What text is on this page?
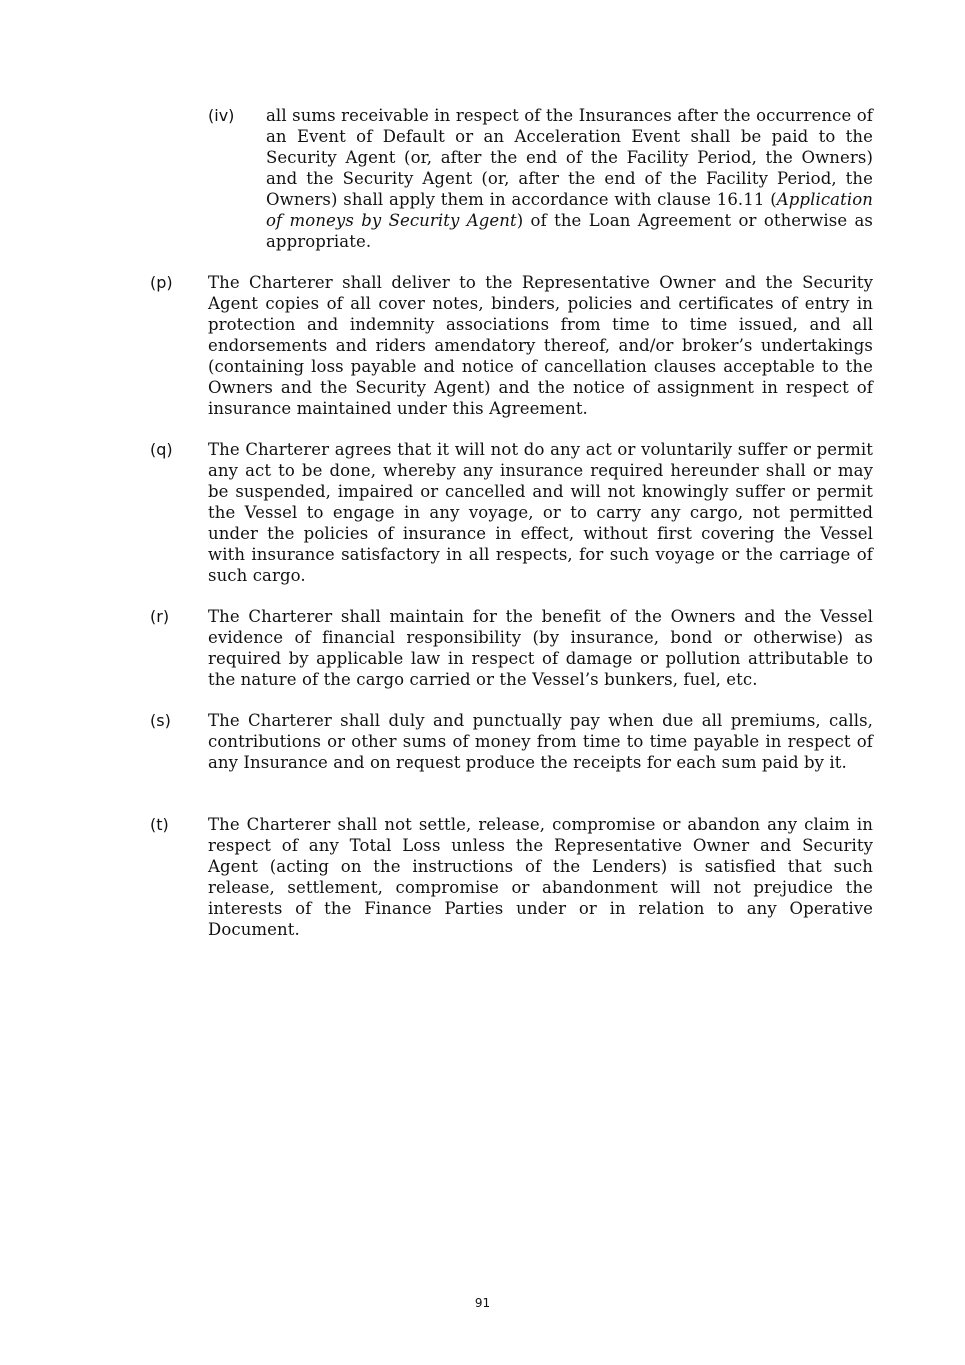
(iv) all sums receivable in respect of the Insurances after the occurrence of an Event of Default or an Acceleration Event shall be paid to the Security Agent (or, after the end of the Facility Period, the Owners) and the Security Agent (or, after the end of the Facility Period, the Owners) shall apply them in accordance with clause 16.11 (Application of moneys by Security Agent) of the Loan Agreement or otherwise as appropriate.
(p) The Charterer shall deliver to the Representative Owner and the Security Agent copies of all cover notes, binders, policies and certificates of entry in protection and indemnity associations from time to time issued, and all endorsements and riders amendatory thereof, and/or broker’s undertakings (containing loss payable and notice of cancellation clauses acceptable to the Owners and the Security Agent) and the notice of assignment in respect of insurance maintained under this Agreement.
(q) The Charterer agrees that it will not do any act or voluntarily suffer or permit any act to be done, whereby any insurance required hereunder shall or may be suspended, impaired or cancelled and will not knowingly suffer or permit the Vessel to engage in any voyage, or to carry any cargo, not permitted under the policies of insurance in effect, without first covering the Vessel with insurance satisfactory in all respects, for such voyage or the carriage of such cargo.
(r) The Charterer shall maintain for the benefit of the Owners and the Vessel evidence of financial responsibility (by insurance, bond or otherwise) as required by applicable law in respect of damage or pollution attributable to the nature of the cargo carried or the Vessel’s bunkers, fuel, etc.
(s) The Charterer shall duly and punctually pay when due all premiums, calls, contributions or other sums of money from time to time payable in respect of any Insurance and on request produce the receipts for each sum paid by it.
(t) The Charterer shall not settle, release, compromise or abandon any claim in respect of any Total Loss unless the Representative Owner and Security Agent (acting on the instructions of the Lenders) is satisfied that such release, settlement, compromise or abandonment will not prejudice the interests of the Finance Parties under or in relation to any Operative Document.
91
